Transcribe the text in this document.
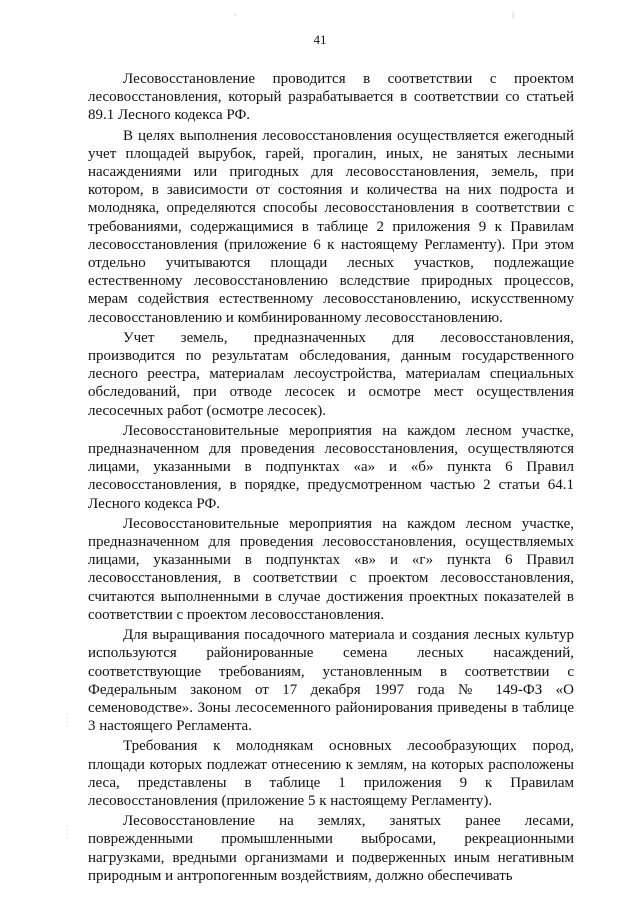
ʼ	ⅰ
⁚
⁚
⁚
⁚
41

Лесовосстановление проводится в соответствии с проектом лесовосстановления, который разрабатывается в соответствии со статьей 89.1 Лесного кодекса РФ.

В целях выполнения лесовосстановления осуществляется ежегодный учет площадей вырубок, гарей, прогалин, иных, не занятых лесными насаждениями или пригодных для лесовосстановления, земель, при котором, в зависимости от состояния и количества на них подроста и молодняка, определяются способы лесовосстановления в соответствии с требованиями, содержащимися в таблице 2 приложения 9 к Правилам лесовосстановления (приложение 6 к настоящему Регламенту). При этом отдельно учитываются площади лесных участков, подлежащие естественному лесовосстановлению вследствие природных процессов, мерам содействия естественному лесовосстановлению, искусственному лесовосстановлению и комбинированному лесовосстановлению.

Учет земель, предназначенных для лесовосстановления, производится по результатам обследования, данным государственного лесного реестра, материалам лесоустройства, материалам специальных обследований, при отводе лесосек и осмотре мест осуществления лесосечных работ (осмотре лесосек).

Лесовосстановительные мероприятия на каждом лесном участке, предназначенном для проведения лесовосстановления, осуществляются лицами, указанными в подпунктах «а» и «б» пункта 6 Правил лесовосстановления, в порядке, предусмотренном частью 2 статьи 64.1 Лесного кодекса РФ.

Лесовосстановительные мероприятия на каждом лесном участке, предназначенном для проведения лесовосстановления, осуществляемых лицами, указанными в подпунктах «в» и «г» пункта 6 Правил лесовосстановления, в соответствии с проектом лесовосстановления, считаются выполненными в случае достижения проектных показателей в соответствии с проектом лесовосстановления.

Для выращивания посадочного материала и создания лесных культур используются районированные семена лесных насаждений, соответствующие требованиям, установленным в соответствии с Федеральным законом от 17 декабря 1997 года № 149-ФЗ «О семеноводстве». Зоны лесосеменного районирования приведены в таблице 3 настоящего Регламента.

Требования к молоднякам основных лесообразующих пород, площади которых подлежат отнесению к землям, на которых расположены леса, представлены в таблице 1 приложения 9 к Правилам лесовосстановления (приложение 5 к настоящему Регламенту).

Лесовосстановление на землях, занятых ранее лесами, поврежденными промышленными выбросами, рекреационными нагрузками, вредными организмами и подверженных иным негативным природным и антропогенным воздействиям, должно обеспечивать
